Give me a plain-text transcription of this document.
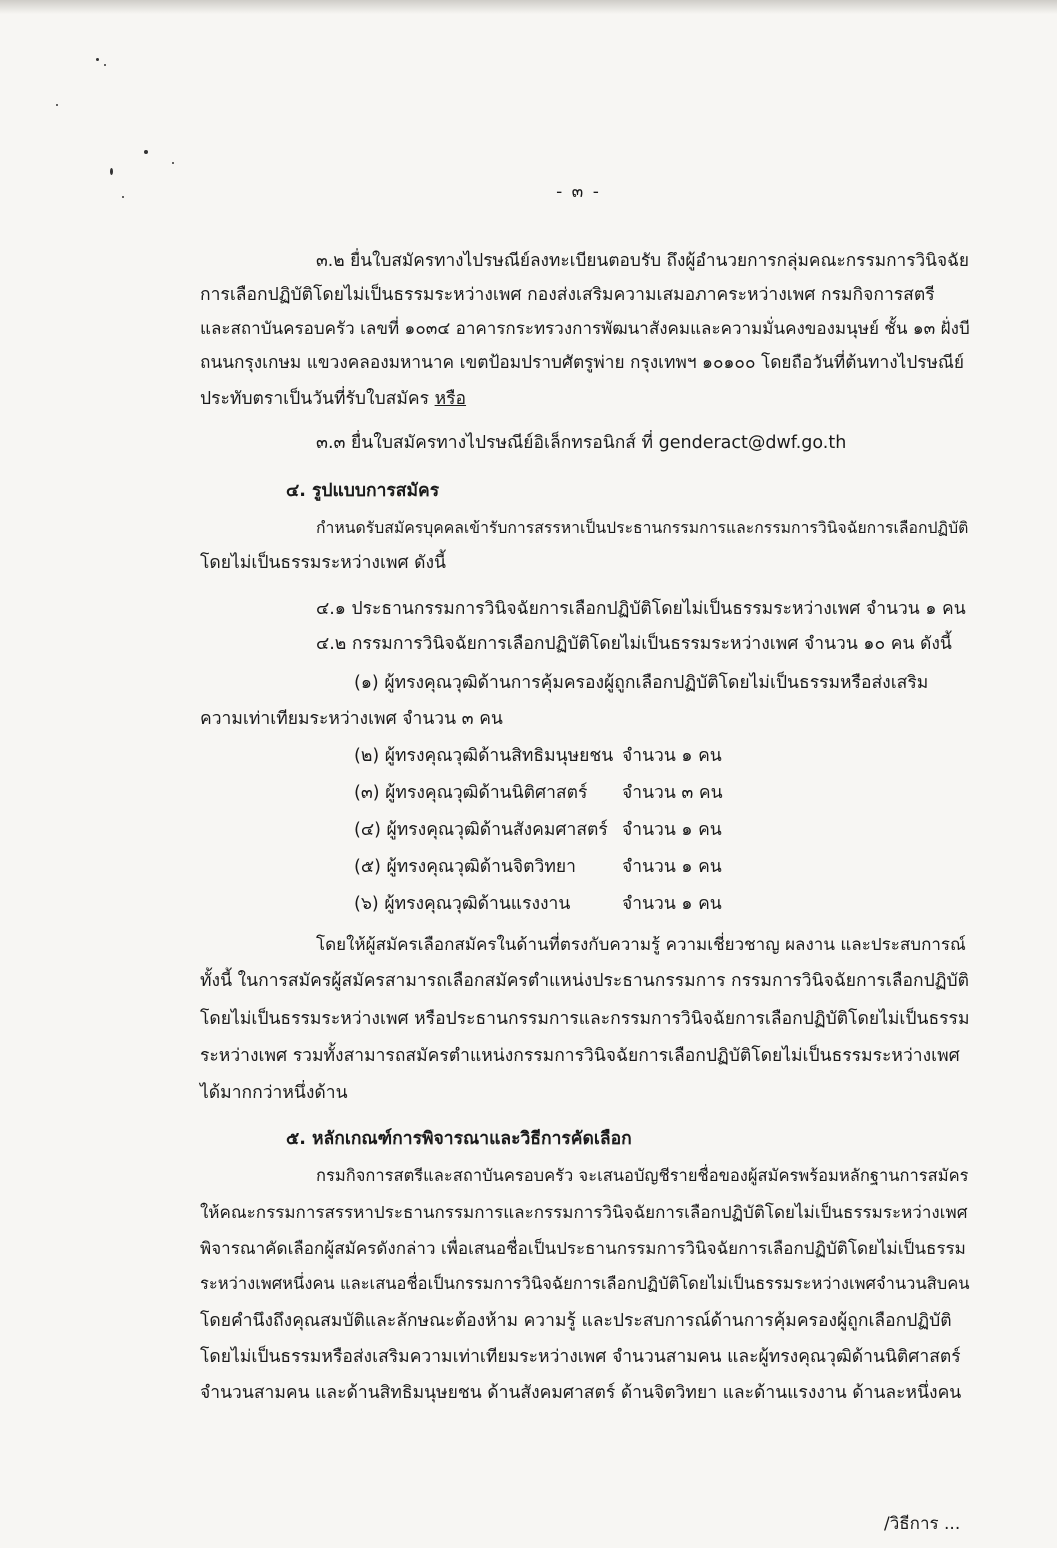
- ๓ -
๓.๒ ยื่นใบสมัครทางไปรษณีย์ลงทะเบียนตอบรับ ถึงผู้อำนวยการกลุ่มคณะกรรมการวินิจฉัย
การเลือกปฏิบัติโดยไม่เป็นธรรมระหว่างเพศ กองส่งเสริมความเสมอภาคระหว่างเพศ กรมกิจการสตรี
และสถาบันครอบครัว เลขที่ ๑๐๓๔ อาคารกระทรวงการพัฒนาสังคมและความมั่นคงของมนุษย์ ชั้น ๑๓ ฝั่งบี
ถนนกรุงเกษม แขวงคลองมหานาค เขตป้อมปราบศัตรูพ่าย กรุงเทพฯ ๑๐๑๐๐ โดยถือวันที่ต้นทางไปรษณีย์
ประทับตราเป็นวันที่รับใบสมัคร หรือ
๓.๓ ยื่นใบสมัครทางไปรษณีย์อิเล็กทรอนิกส์ ที่ genderact@dwf.go.th
๔. รูปแบบการสมัคร
กำหนดรับสมัครบุคคลเข้ารับการสรรหาเป็นประธานกรรมการและกรรมการวินิจฉัยการเลือกปฏิบัติ
โดยไม่เป็นธรรมระหว่างเพศ ดังนี้
๔.๑ ประธานกรรมการวินิจฉัยการเลือกปฏิบัติโดยไม่เป็นธรรมระหว่างเพศ จำนวน ๑ คน
๔.๒ กรรมการวินิจฉัยการเลือกปฏิบัติโดยไม่เป็นธรรมระหว่างเพศ จำนวน ๑๐ คน ดังนี้
(๑) ผู้ทรงคุณวุฒิด้านการคุ้มครองผู้ถูกเลือกปฏิบัติโดยไม่เป็นธรรมหรือส่งเสริม
ความเท่าเทียมระหว่างเพศ จำนวน ๓ คน
(๒) ผู้ทรงคุณวุฒิด้านสิทธิมนุษยชน จำนวน ๑ คน
(๓) ผู้ทรงคุณวุฒิด้านนิติศาสตร์ จำนวน ๓ คน
(๔) ผู้ทรงคุณวุฒิด้านสังคมศาสตร์ จำนวน ๑ คน
(๕) ผู้ทรงคุณวุฒิด้านจิตวิทยา	จำนวน ๑ คน
(๖) ผู้ทรงคุณวุฒิด้านแรงงาน	จำนวน ๑ คน
โดยให้ผู้สมัครเลือกสมัครในด้านที่ตรงกับความรู้ ความเชี่ยวชาญ ผลงาน และประสบการณ์
ทั้งนี้ ในการสมัครผู้สมัครสามารถเลือกสมัครตำแหน่งประธานกรรมการ กรรมการวินิจฉัยการเลือกปฏิบัติ
โดยไม่เป็นธรรมระหว่างเพศ หรือประธานกรรมการและกรรมการวินิจฉัยการเลือกปฏิบัติโดยไม่เป็นธรรม
ระหว่างเพศ รวมทั้งสามารถสมัครตำแหน่งกรรมการวินิจฉัยการเลือกปฏิบัติโดยไม่เป็นธรรมระหว่างเพศ
ได้มากกว่าหนึ่งด้าน
๕. หลักเกณฑ์การพิจารณาและวิธีการคัดเลือก
กรมกิจการสตรีและสถาบันครอบครัว จะเสนอบัญชีรายชื่อของผู้สมัครพร้อมหลักฐานการสมัคร
ให้คณะกรรมการสรรหาประธานกรรมการและกรรมการวินิจฉัยการเลือกปฏิบัติโดยไม่เป็นธรรมระหว่างเพศ
พิจารณาคัดเลือกผู้สมัครดังกล่าว เพื่อเสนอชื่อเป็นประธานกรรมการวินิจฉัยการเลือกปฏิบัติโดยไม่เป็นธรรม
ระหว่างเพศหนึ่งคน และเสนอชื่อเป็นกรรมการวินิจฉัยการเลือกปฏิบัติโดยไม่เป็นธรรมระหว่างเพศจำนวนสิบคน
โดยคำนึงถึงคุณสมบัติและลักษณะต้องห้าม ความรู้ และประสบการณ์ด้านการคุ้มครองผู้ถูกเลือกปฏิบัติ
โดยไม่เป็นธรรมหรือส่งเสริมความเท่าเทียมระหว่างเพศ จำนวนสามคน และผู้ทรงคุณวุฒิด้านนิติศาสตร์
จำนวนสามคน และด้านสิทธิมนุษยชน ด้านสังคมศาสตร์ ด้านจิตวิทยา และด้านแรงงาน ด้านละหนึ่งคน
/วิธีการ ...
